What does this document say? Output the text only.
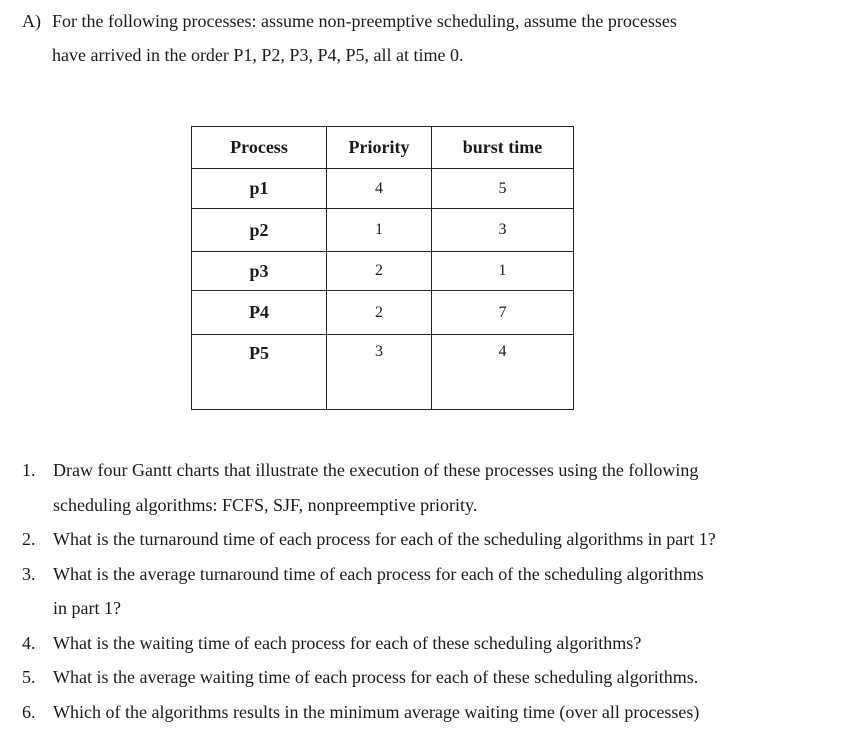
A) For the following processes: assume non-preemptive scheduling, assume the processes
have arrived in the order P1, P2, P3, P4, P5, all at time 0.
Process	Priority	burst time
p1	4	5
p2	1	3
p3	2	1
P4	2	7
P5	3	4
1. Draw four Gantt charts that illustrate the execution of these processes using the following
scheduling algorithms: FCFS, SJF, nonpreemptive priority.
2. What is the turnaround time of each process for each of the scheduling algorithms in part 1?
3. What is the average turnaround time of each process for each of the scheduling algorithms
in part 1?
4. What is the waiting time of each process for each of these scheduling algorithms?
5. What is the average waiting time of each process for each of these scheduling algorithms.
6. Which of the algorithms results in the minimum average waiting time (over all processes)
